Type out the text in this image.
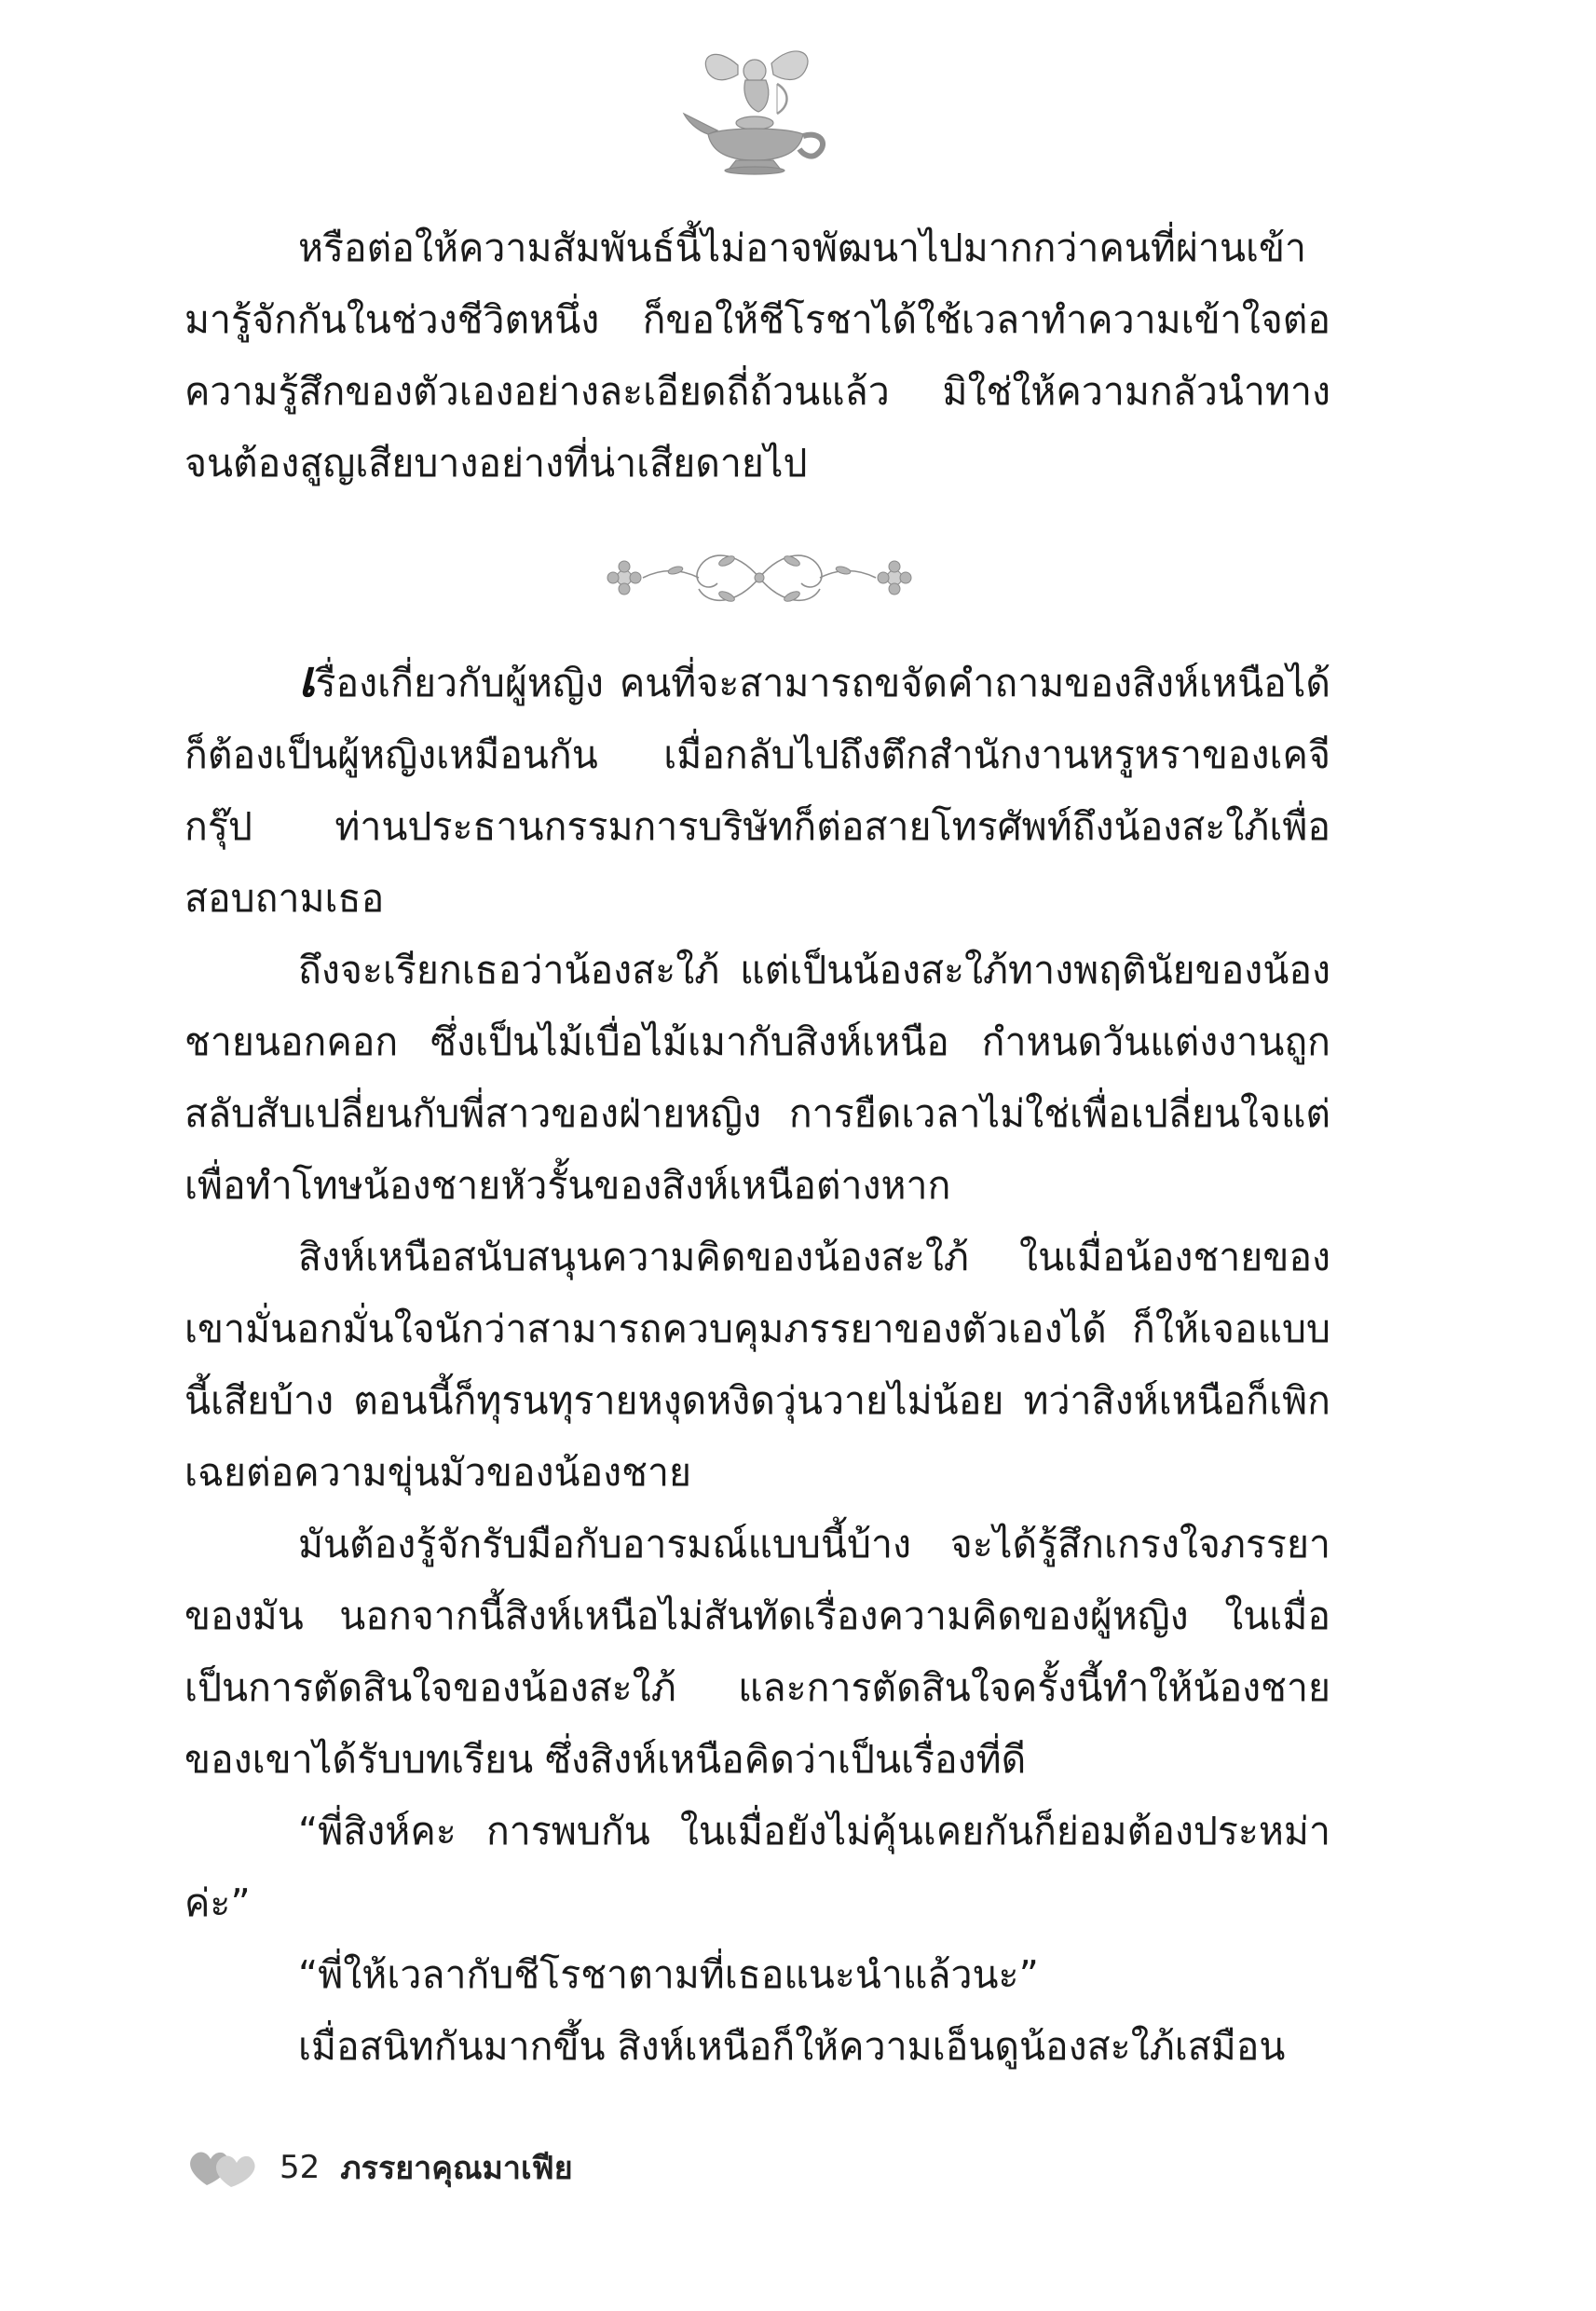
หรือต่อให้ความสัมพันธ์นี้ไม่อาจพัฒนาไปมากกว่าคนที่ผ่านเข้ามารู้จักกันในช่วงชีวิตหนึ่ง ก็ขอให้ชีโรชาได้ใช้เวลาทำความเข้าใจต่อความรู้สึกของตัวเองอย่างละเอียดถี่ถ้วนแล้ว มิใช่ให้ความกลัวนำทางจนต้องสูญเสียบางอย่างที่น่าเสียดายไป

เรื่องเกี่ยวกับผู้หญิง คนที่จะสามารถขจัดคำถามของสิงห์เหนือได้ก็ต้องเป็นผู้หญิงเหมือนกัน เมื่อกลับไปถึงตึกสำนักงานหรูหราของเคจีกรุ๊ป ท่านประธานกรรมการบริษัทก็ต่อสายโทรศัพท์ถึงน้องสะใภ้เพื่อสอบถามเธอ

ถึงจะเรียกเธอว่าน้องสะใภ้ แต่เป็นน้องสะใภ้ทางพฤตินัยของน้องชายนอกคอก ซึ่งเป็นไม้เบื่อไม้เมากับสิงห์เหนือ กำหนดวันแต่งงานถูกสลับสับเปลี่ยนกับพี่สาวของฝ่ายหญิง การยืดเวลาไม่ใช่เพื่อเปลี่ยนใจแต่เพื่อทำโทษน้องชายหัวรั้นของสิงห์เหนือต่างหาก

สิงห์เหนือสนับสนุนความคิดของน้องสะใภ้ ในเมื่อน้องชายของเขามั่นอกมั่นใจนักว่าสามารถควบคุมภรรยาของตัวเองได้ ก็ให้เจอแบบนี้เสียบ้าง ตอนนี้ก็ทุรนทุรายหงุดหงิดวุ่นวายไม่น้อย ทว่าสิงห์เหนือก็เพิกเฉยต่อความขุ่นมัวของน้องชาย

มันต้องรู้จักรับมือกับอารมณ์แบบนี้บ้าง จะได้รู้สึกเกรงใจภรรยาของมัน นอกจากนี้สิงห์เหนือไม่สันทัดเรื่องความคิดของผู้หญิง ในเมื่อเป็นการตัดสินใจของน้องสะใภ้ และการตัดสินใจครั้งนี้ทำให้น้องชายของเขาได้รับบทเรียน ซึ่งสิงห์เหนือคิดว่าเป็นเรื่องที่ดี

“พี่สิงห์คะ การพบกัน ในเมื่อยังไม่คุ้นเคยกันก็ย่อมต้องประหม่าค่ะ”

“พี่ให้เวลากับชีโรชาตามที่เธอแนะนำแล้วนะ”

เมื่อสนิทกันมากขึ้น สิงห์เหนือก็ให้ความเอ็นดูน้องสะใภ้เสมือน

52 ภรรยาคุณมาเฟีย
